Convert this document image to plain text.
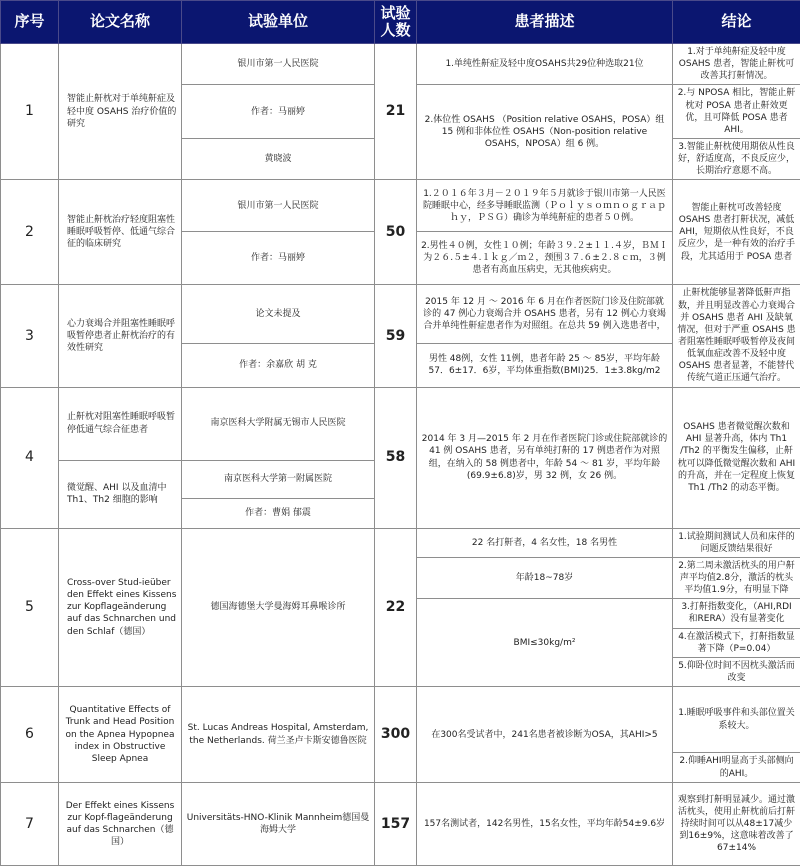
序号	论文名称	试验单位	试验人数	患者描述	结论
1	智能止鼾枕对于单纯鼾症及轻中度 OSAHS 治疗价值的研究	银川市第一人民医院	21	1.单纯性鼾症及轻中度OSAHS共29位种选取21位	1.对于单纯鼾症及轻中度 OSAHS 患者，智能止鼾枕可改善其打鼾情况。
		作者：马丽婷		2.体位性 OSAHS （Position relative OSAHS，POSA）组 15 例和非体位性 OSAHS（Non-position relative OSAHS，NPOSA）组 6 例。	2.与 NPOSA 相比，智能止鼾枕对 POSA 患者止鼾效更优，且可降低 POSA 患者 AHI。
		黄晓波			3.智能止鼾枕使用期依从性良好，舒适度高，不良反应少，长期治疗意愿不高。
2	智能止鼾枕治疗轻度阻塞性睡眠呼吸暂停、低通气综合征的临床研究	银川市第一人民医院	50	1.２０１６年３月－２０１９年５月就诊于银川市第一人民医院睡眠中心，经多导睡眠监测（Ｐｏｌｙｓｏｍｎｏｇｒａｐｈｙ，ＰＳＧ）确诊为单纯鼾症的患者５０例。	智能止鼾枕可改善轻度 OSAHS 患者打鼾状况，减低 AHI，短期依从性良好，不良反应少，是一种有效的治疗手段，尤其适用于 POSA 患者
		作者：马丽婷		2.男性４０例，女性１０例；年龄３９.２±１１.４岁，ＢＭＩ为２６.５±４.１ｋｇ／ｍ２，颈围３７.６±２.８ｃｍ，３例患者有高血压病史，无其他疾病史。	
3	心力衰竭合并阻塞性睡眠呼吸暂停患者止鼾枕治疗的有效性研究	论文未提及	59	2015 年 12 月 ～ 2016 年 6 月在作者医院门诊及住院部就诊的 47 例心力衰竭合并 OSAHS 患者，另有 12 例心力衰竭合并单纯性鼾症患者作为对照组。在总共 59 例入选患者中，	止鼾枕能够显著降低鼾声指数，并且明显改善心力衰竭合并 OSAHS 患者 AHI 及缺氧情况，但对于严重 OSAHS 患者阻塞性睡眠呼吸暂停及夜间低氧血症改善不及轻中度 OSAHS 患者显著，不能替代传统气道正压通气治疗。
		作者：余嘉欣 胡 克		男性 48例，女性 11例，患者年龄 25 ～ 85岁，平均年龄 57．6±17．6岁，平均体重指数(BMI)25．1±3.8kg/m2	
4	止鼾枕对阻塞性睡眠呼吸暂停低通气综合征患者	南京医科大学附属无锡市人民医院	58	2014 年 3 月—2015 年 2 月在作者医院门诊或住院部就诊的 41 例 OSAHS 患者，另有单纯打鼾的 17 例患者作为对照组，在纳入的 58 例患者中，年龄 54 ～ 81 岁，平均年龄(69.9±6.8)岁，男 32 例，女 26 例。	OSAHS 患者微觉醒次数和 AHI 显著升高，体内 Th1 /Th2 的平衡发生偏移，止鼾枕可以降低微觉醒次数和 AHI 的升高，并在一定程度上恢复 Th1 /Th2 的动态平衡。
	微觉醒、AHI 以及血清中 Th1、Th2 细胞的影响	南京医科大学第一附属医院			
		作者：曹娟 郁震			
5	Cross-over Stud-ieüber den Effekt eines Kissens zur Kopflageänderung auf das Schnarchen und den Schlaf（德国）	德国海德堡大学曼海姆耳鼻喉诊所	22	22 名打鼾者，4 名女性，18 名男性	1.试验期间测试人员和床伴的问题反馈结果很好
				年龄18~78岁	2.第二周未激活枕头的用户鼾声平均值2.8分，激活的枕头平均值1.9分，有明显下降
				BMI≤30kg/m²	3.打鼾指数变化，（AHI,RDI和RERA）没有显著变化
					4.在激活模式下，打鼾指数显著下降（P=0.04）
					5.仰卧位时间不因枕头激活而改变
6	Quantitative Effects of Trunk and Head Position on the Apnea Hypopnea index in Obstructive Sleep Apnea	St. Lucas Andreas Hospital, Amsterdam, the Netherlands. 荷兰圣卢卡斯安德鲁医院	300	在300名受试者中，241名患者被诊断为OSA，其AHI>5	1.睡眠呼吸事件和头部位置关系较大。
					2.仰睡AHI明显高于头部侧向的AHI。
7	Der Effekt eines Kissens zur Kopf-flageänderung auf das Schnarchen（德国）	Universitäts-HNO-Klinik Mannheim德国曼海姆大学	157	157名测试者，142名男性，15名女性，平均年龄54±9.6岁	观察到打鼾明显减少。通过激活枕头，使用止鼾枕前后打鼾持续时间可以从48±17减少到16±9%，这意味着改善了67±14%
